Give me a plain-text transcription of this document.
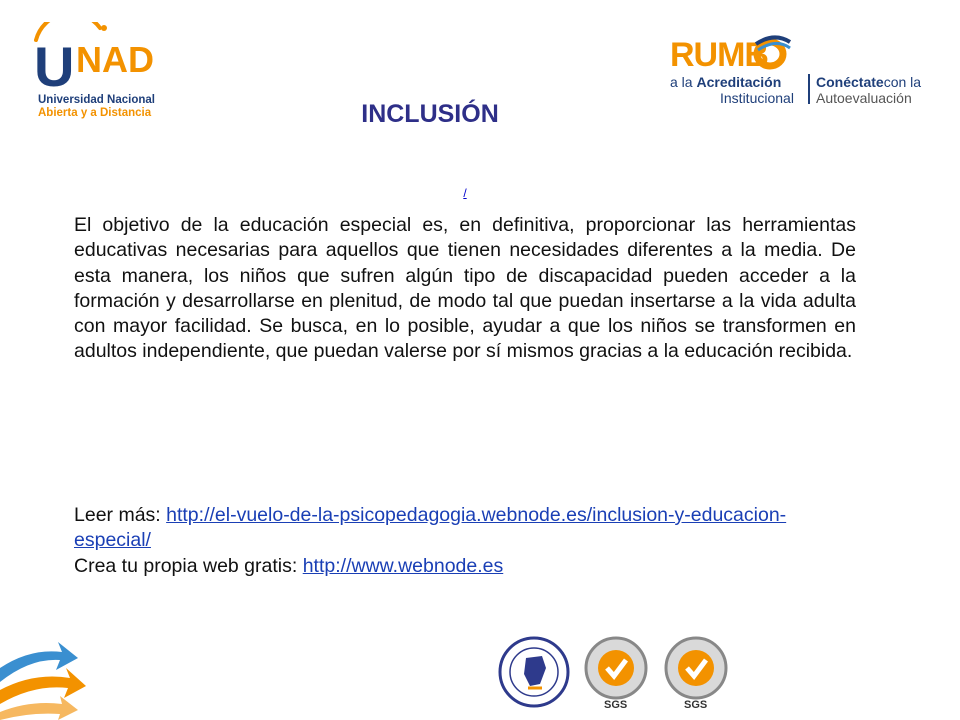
U NAD
Universidad Nacional
Abierta y a Distancia
RUMB
a la Acreditación
Institucional
Conéctatecon la
Autoevaluación
INCLUSIÓN
/

El objetivo de la educación especial es, en definitiva, proporcionar las herramientas educativas necesarias para aquellos que tienen necesidades diferentes a la media. De esta manera, los niños que sufren algún tipo de discapacidad pueden acceder a la formación y desarrollarse en plenitud, de modo tal que puedan insertarse a la vida adulta con mayor facilidad. Se busca, en lo posible, ayudar a que los niños se transformen en adultos independiente, que puedan valerse por sí mismos gracias a la educación recibida.

Leer más: http://el-vuelo-de-la-psicopedagogia.webnode.es/inclusion-y-educacion-especial/
Crea tu propia web gratis: http://www.webnode.es
SGS	SGS
